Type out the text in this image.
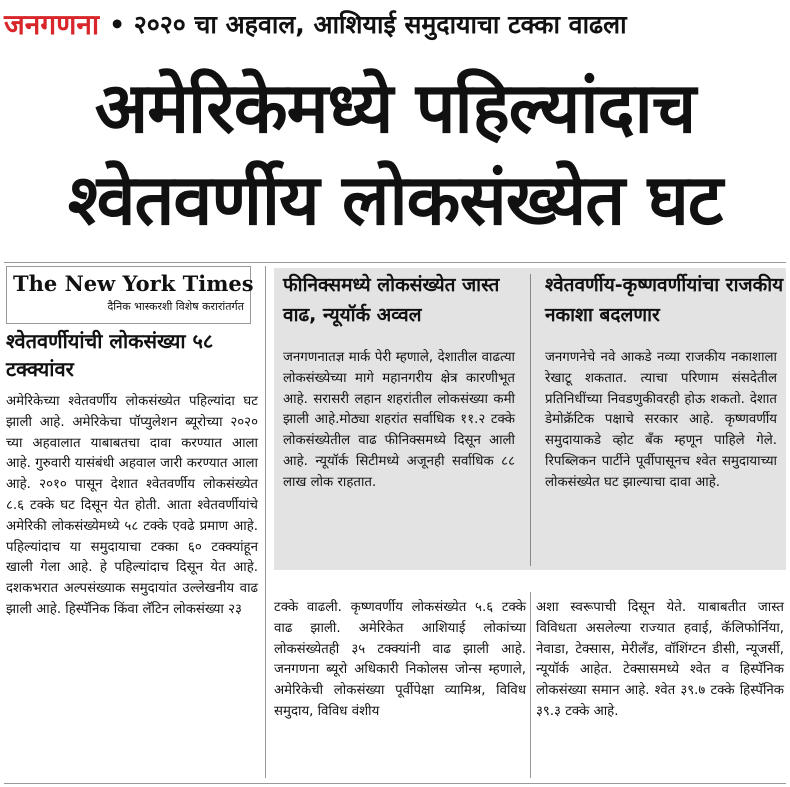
जनगणना • २०२० चा अहवाल, आशियाई समुदायाचा टक्का वाढला
अमेरिकेमध्ये पहिल्यांदाच
श्वेतवर्णीय लोकसंख्येत घट
The New York Times
दैनिक भास्करशी विशेष करारांतर्गत
श्वेतवर्णीयांची लोकसंख्या ५८ टक्क्यांवर
अमेरिकेच्या श्वेतवर्णीय लोकसंख्येत पहिल्यांदा घट झाली आहे. अमेरिकेचा पॉप्युलेशन ब्यूरोच्या २०२० च्या अहवालात याबाबतचा दावा करण्यात आला आहे. गुरुवारी यासंबंधी अहवाल जारी करण्यात आला आहे. २०१० पासून देशात श्वेतवर्णीय लोकसंख्येत ८.६ टक्के घट दिसून येत होती. आता श्वेतवर्णीयांचे अमेरिकी लोकसंख्येमध्ये ५८ टक्के एवढे प्रमाण आहे. पहिल्यांदाच या समुदायाचा टक्का ६० टक्क्यांहून खाली गेला आहे. हे पहिल्यांदाच दिसून येत आहे. दशकभरात अल्पसंख्याक समुदायांत उल्लेखनीय वाढ झाली आहे. हिस्पॅनिक किंवा लॅटिन लोकसंख्या २३
फीनिक्समध्ये लोकसंख्येत जास्त वाढ, न्यूयॉर्क अव्वल
जनगणनातज्ञ मार्क पेरी म्हणाले, देशातील वाढत्या लोकसंख्येच्या मागे महानगरीय क्षेत्र कारणीभूत आहे. सरासरी लहान शहरांतील लोकसंख्या कमी झाली आहे.मोठ्या शहरांत सर्वाधिक ११.२ टक्के लोकसंख्येतील वाढ फीनिक्समध्ये दिसून आली आहे. न्यूयॉर्क सिटीमध्ये अजूनही सर्वाधिक ८८ लाख लोक राहतात.
श्वेतवर्णीय-कृष्णवर्णीयांचा राजकीय नकाशा बदलणार
जनगणनेचे नवे आकडे नव्या राजकीय नकाशाला रेखाटू शकतात. त्याचा परिणाम संसदेतील प्रतिनिधींच्या निवडणुकीवरही होऊ शकतो. देशात डेमोक्रॅटिक पक्षाचे सरकार आहे. कृष्णवर्णीय समुदायाकडे व्होट बँक म्हणून पाहिले गेले. रिपब्लिकन पार्टीने पूर्वीपासूनच श्वेत समुदायाच्या लोकसंख्येत घट झाल्याचा दावा आहे.
टक्के वाढली. कृष्णवर्णीय लोकसंख्येत ५.६ टक्के वाढ झाली. अमेरिकेत आशियाई लोकांच्या लोकसंख्येतही ३५ टक्क्यांनी वाढ झाली आहे. जनगणना ब्यूरो अधिकारी निकोलस जोन्स म्हणाले, अमेरिकेची लोकसंख्या पूर्वीपेक्षा व्यामिश्र, विविध समुदाय, विविध वंशीय
अशा स्वरूपाची दिसून येते. याबाबतीत जास्त विविधता असलेल्या राज्यात हवाई, कॅलिफोर्निया, नेवाडा, टेक्सास, मेरीलँड, वॉशिंग्टन डीसी, न्यूजर्सी, न्यूयॉर्क आहेत. टेक्सासमध्ये श्वेत व हिस्पॅनिक लोकसंख्या समान आहे. श्वेत ३९.७ टक्के हिस्पॅनिक ३९.३ टक्के आहे.
